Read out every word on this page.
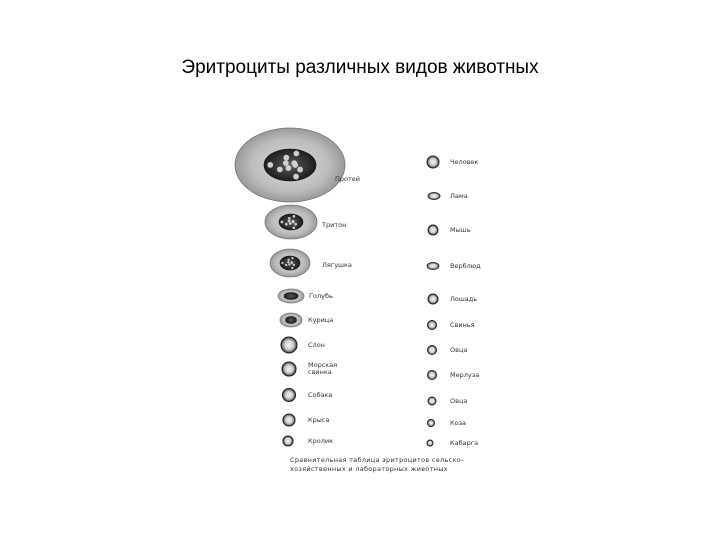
Эритроциты различных видов животных
Протей
Тритон
Лягушка
Голубь
Курица
Слон
Морская свинка
Собака
Крыса
Кролик
Человек
Лама
Мышь
Верблюд
Лошадь
Свинья
Овца
Мерлуза
Овца
Коза
Кабарга
Сравнительная таблица эритроцитов сельско-
хозяйственных и лабораторных животных
